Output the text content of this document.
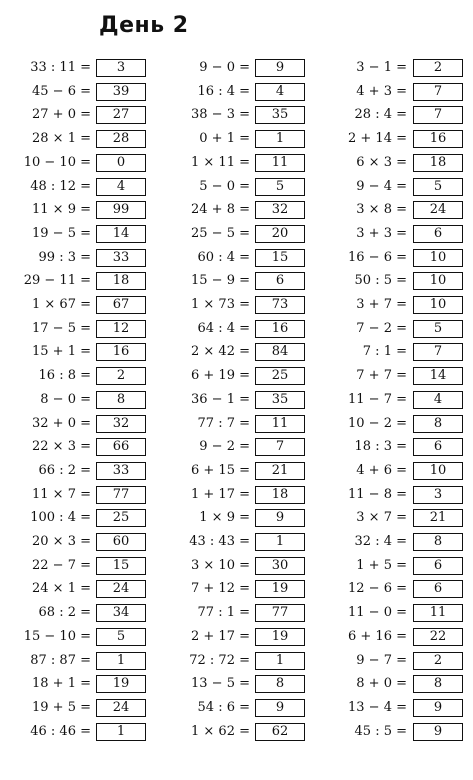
День 2
33 : 11 =	3
45 − 6 =	39
27 + 0 =	27
28 × 1 =	28
10 − 10 =	0
48 : 12 =	4
11 × 9 =	99
19 − 5 =	14
99 : 3 =	33
29 − 11 =	18
1 × 67 =	67
17 − 5 =	12
15 + 1 =	16
16 : 8 =	2
8 − 0 =	8
32 + 0 =	32
22 × 3 =	66
66 : 2 =	33
11 × 7 =	77
100 : 4 =	25
20 × 3 =	60
22 − 7 =	15
24 × 1 =	24
68 : 2 =	34
15 − 10 =	5
87 : 87 =	1
18 + 1 =	19
19 + 5 =	24
46 : 46 =	1
9 − 0 =	9
16 : 4 =	4
38 − 3 =	35
0 + 1 =	1
1 × 11 =	11
5 − 0 =	5
24 + 8 =	32
25 − 5 =	20
60 : 4 =	15
15 − 9 =	6
1 × 73 =	73
64 : 4 =	16
2 × 42 =	84
6 + 19 =	25
36 − 1 =	35
77 : 7 =	11
9 − 2 =	7
6 + 15 =	21
1 + 17 =	18
1 × 9 =	9
43 : 43 =	1
3 × 10 =	30
7 + 12 =	19
77 : 1 =	77
2 + 17 =	19
72 : 72 =	1
13 − 5 =	8
54 : 6 =	9
1 × 62 =	62
3 − 1 =	2
4 + 3 =	7
28 : 4 =	7
2 + 14 =	16
6 × 3 =	18
9 − 4 =	5
3 × 8 =	24
3 + 3 =	6
16 − 6 =	10
50 : 5 =	10
3 + 7 =	10
7 − 2 =	5
7 : 1 =	7
7 + 7 =	14
11 − 7 =	4
10 − 2 =	8
18 : 3 =	6
4 + 6 =	10
11 − 8 =	3
3 × 7 =	21
32 : 4 =	8
1 + 5 =	6
12 − 6 =	6
11 − 0 =	11
6 + 16 =	22
9 − 7 =	2
8 + 0 =	8
13 − 4 =	9
45 : 5 =	9
